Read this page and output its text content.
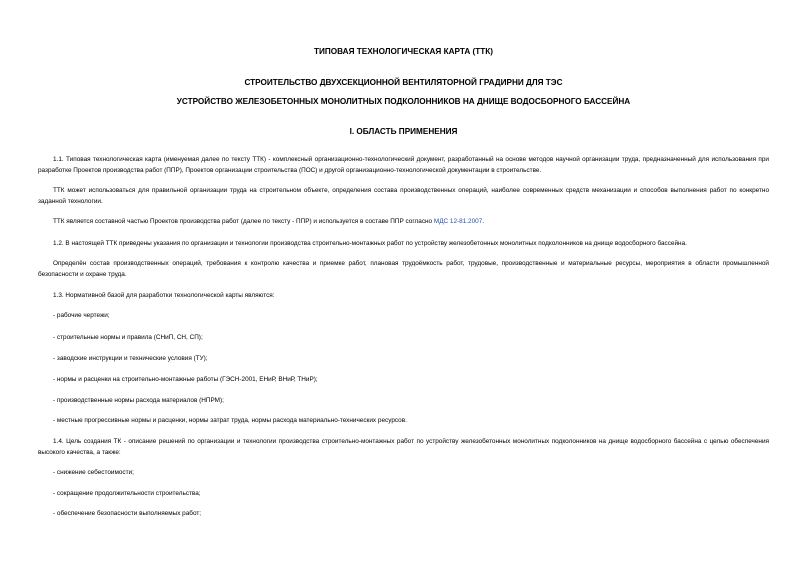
ТИПОВАЯ ТЕХНОЛОГИЧЕСКАЯ КАРТА (ТТК)
СТРОИТЕЛЬСТВО ДВУХСЕКЦИОННОЙ ВЕНТИЛЯТОРНОЙ ГРАДИРНИ ДЛЯ ТЭС
УСТРОЙСТВО ЖЕЛЕЗОБЕТОННЫХ МОНОЛИТНЫХ ПОДКОЛОННИКОВ НА ДНИЩЕ ВОДОСБОРНОГО БАССЕЙНА
I. ОБЛАСТЬ ПРИМЕНЕНИЯ
1.1. Типовая технологическая карта (именуемая далее по тексту ТТК) - комплексный организационно-технологический документ, разработанный на основе методов научной организации труда, предназначенный для использования при разработке Проектов производства работ (ППР), Проектов организации строительства (ПОС) и другой организационно-технологической документации в строительстве.
ТТК может использоваться для правильной организации труда на строительном объекте, определения состава производственных операций, наиболее современных средств механизации и способов выполнения работ по конкретно заданной технологии.
ТТК является составной частью Проектов производства работ (далее по тексту - ППР) и используется в составе ППР согласно МДС 12-81.2007.
1.2. В настоящей ТТК приведены указания по организации и технологии производства строительно-монтажных работ по устройству железобетонных монолитных подколонников на днище водосборного бассейна.
Определён состав производственных операций, требования к контролю качества и приемке работ, плановая трудоёмкость работ, трудовые, производственные и материальные ресурсы, мероприятия в области промышленной безопасности и охране труда.
1.3. Нормативной базой для разработки технологической карты являются:
- рабочие чертежи;
- строительные нормы и правила (СНиП, СН, СП);
- заводские инструкции и технические условия (ТУ);
- нормы и расценки на строительно-монтажные работы (ГЭСН-2001, ЕНиР, ВНиР, ТНиР);
- производственные нормы расхода материалов (НПРМ);
- местные прогрессивные нормы и расценки, нормы затрат труда, нормы расхода материально-технических ресурсов.
1.4. Цель создания ТК - описание решений по организации и технологии производства строительно-монтажных работ по устройству железобетонных монолитных подколонников на днище водосборного бассейна с целью обеспечения высокого качества, а также:
- снижение себестоимости;
- сокращение продолжительности строительства;
- обеспечение безопасности выполняемых работ;
